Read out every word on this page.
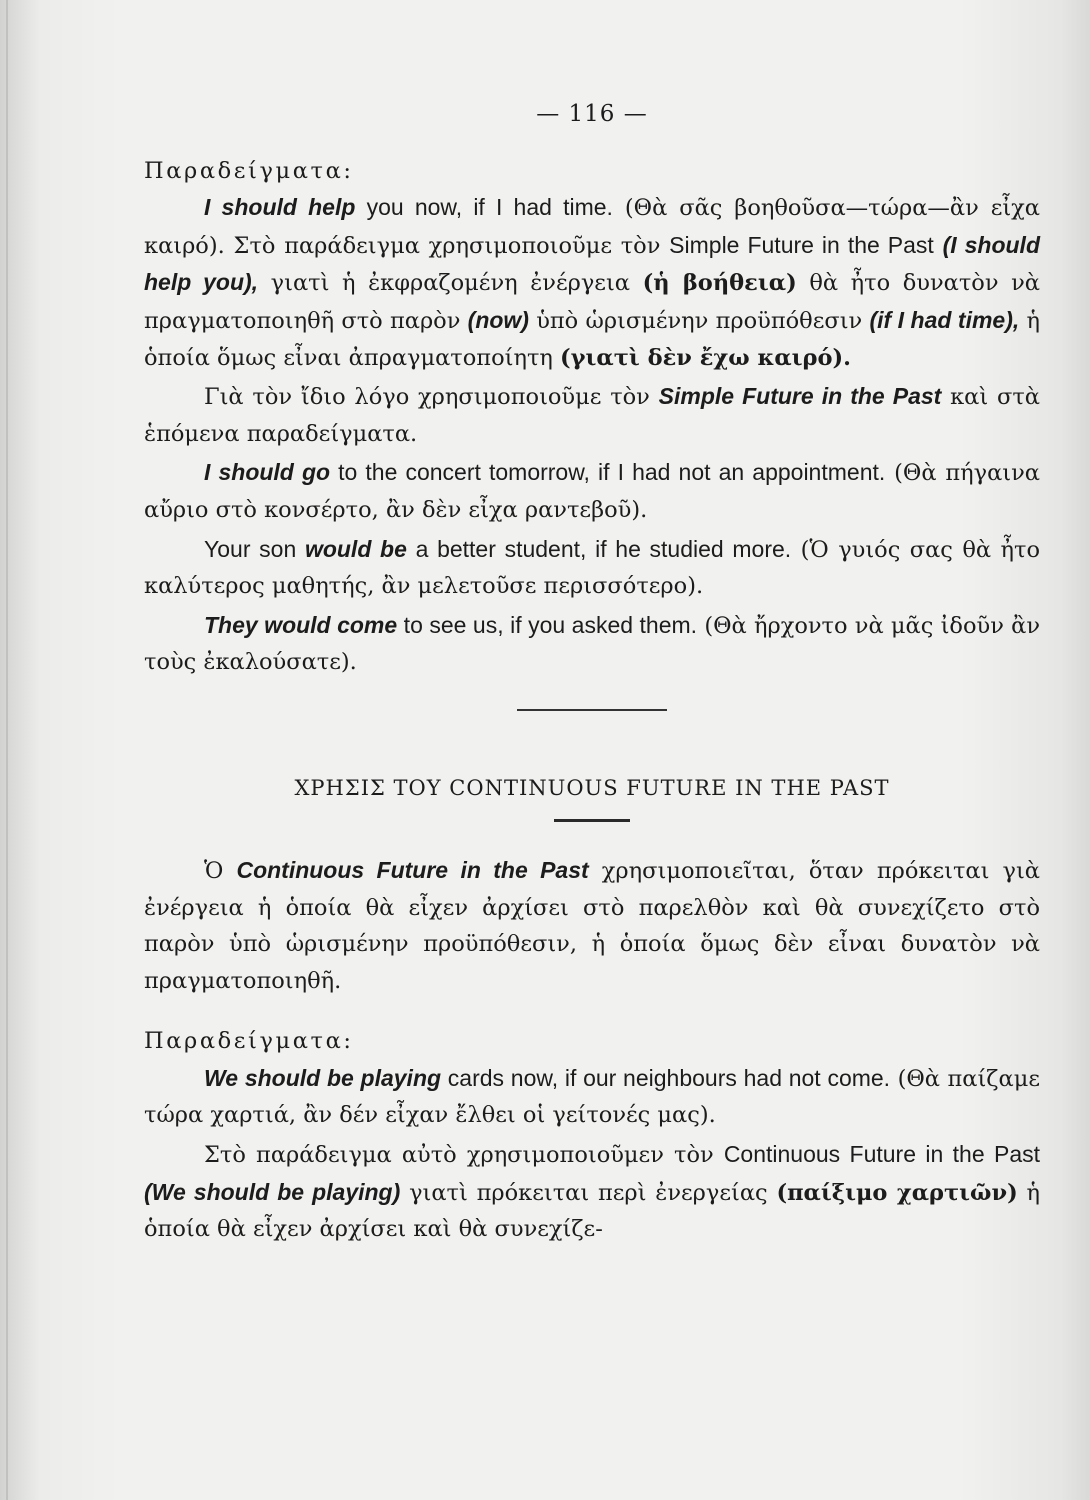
— 116 —

Παραδείγματα:

I should help you now, if I had time. (Θὰ σᾶς βοηθοῦσα—τώρα—ἂν εἶχα καιρό). Στὸ παράδειγμα χρησιμοποιοῦμε τὸν Simple Future in the Past (I should help you), γιατὶ ἡ ἐκφραζομένη ἐνέργεια (ἡ βοήθεια) θὰ ἦτο δυνατὸν νὰ πραγματοποιηθῆ στὸ παρὸν (now) ὑπὸ ὡρισμένην προϋπόθεσιν (if I had time), ἡ ὁποία ὅμως εἶναι ἀπραγματοποίητη (γιατὶ δὲν ἔχω καιρό).

Γιὰ τὸν ἴδιο λόγο χρησιμοποιοῦμε τὸν Simple Future in the Past καὶ στὰ ἑπόμενα παραδείγματα.

I should go to the concert tomorrow, if I had not an appointment. (Θὰ πήγαινα αὔριο στὸ κονσέρτο, ἂν δὲν εἶχα ραντεβοῦ).

Your son would be a better student, if he studied more. (Ὁ γυιός σας θὰ ἦτο καλύτερος μαθητής, ἂν μελετοῦσε περισσότερο).

They would come to see us, if you asked them. (Θὰ ἤρχοντο νὰ μᾶς ἰδοῦν ἂν τοὺς ἐκαλούσατε).

ΧΡΗΣΙΣ ΤΟΥ CONTINUOUS FUTURE IN THE PAST

Ὁ Continuous Future in the Past χρησιμοποιεῖται, ὅταν πρόκειται γιὰ ἐνέργεια ἡ ὁποία θὰ εἶχεν ἀρχίσει στὸ παρελθὸν καὶ θὰ συνεχίζετο στὸ παρὸν ὑπὸ ὡρισμένην προϋπόθεσιν, ἡ ὁποία ὅμως δὲν εἶναι δυνατὸν νὰ πραγματοποιηθῆ.

Παραδείγματα:

We should be playing cards now, if our neighbours had not come. (Θὰ παίζαμε τώρα χαρτιά, ἂν δέν εἶχαν ἔλθει οἱ γείτονές μας).

Στὸ παράδειγμα αὐτὸ χρησιμοποιοῦμεν τὸν Continuous Future in the Past (We should be playing) γιατὶ πρόκειται περὶ ἐνεργείας (παίξιμο χαρτιῶν) ἡ ὁποία θὰ εἶχεν ἀρχίσει καὶ θὰ συνεχίζε-
